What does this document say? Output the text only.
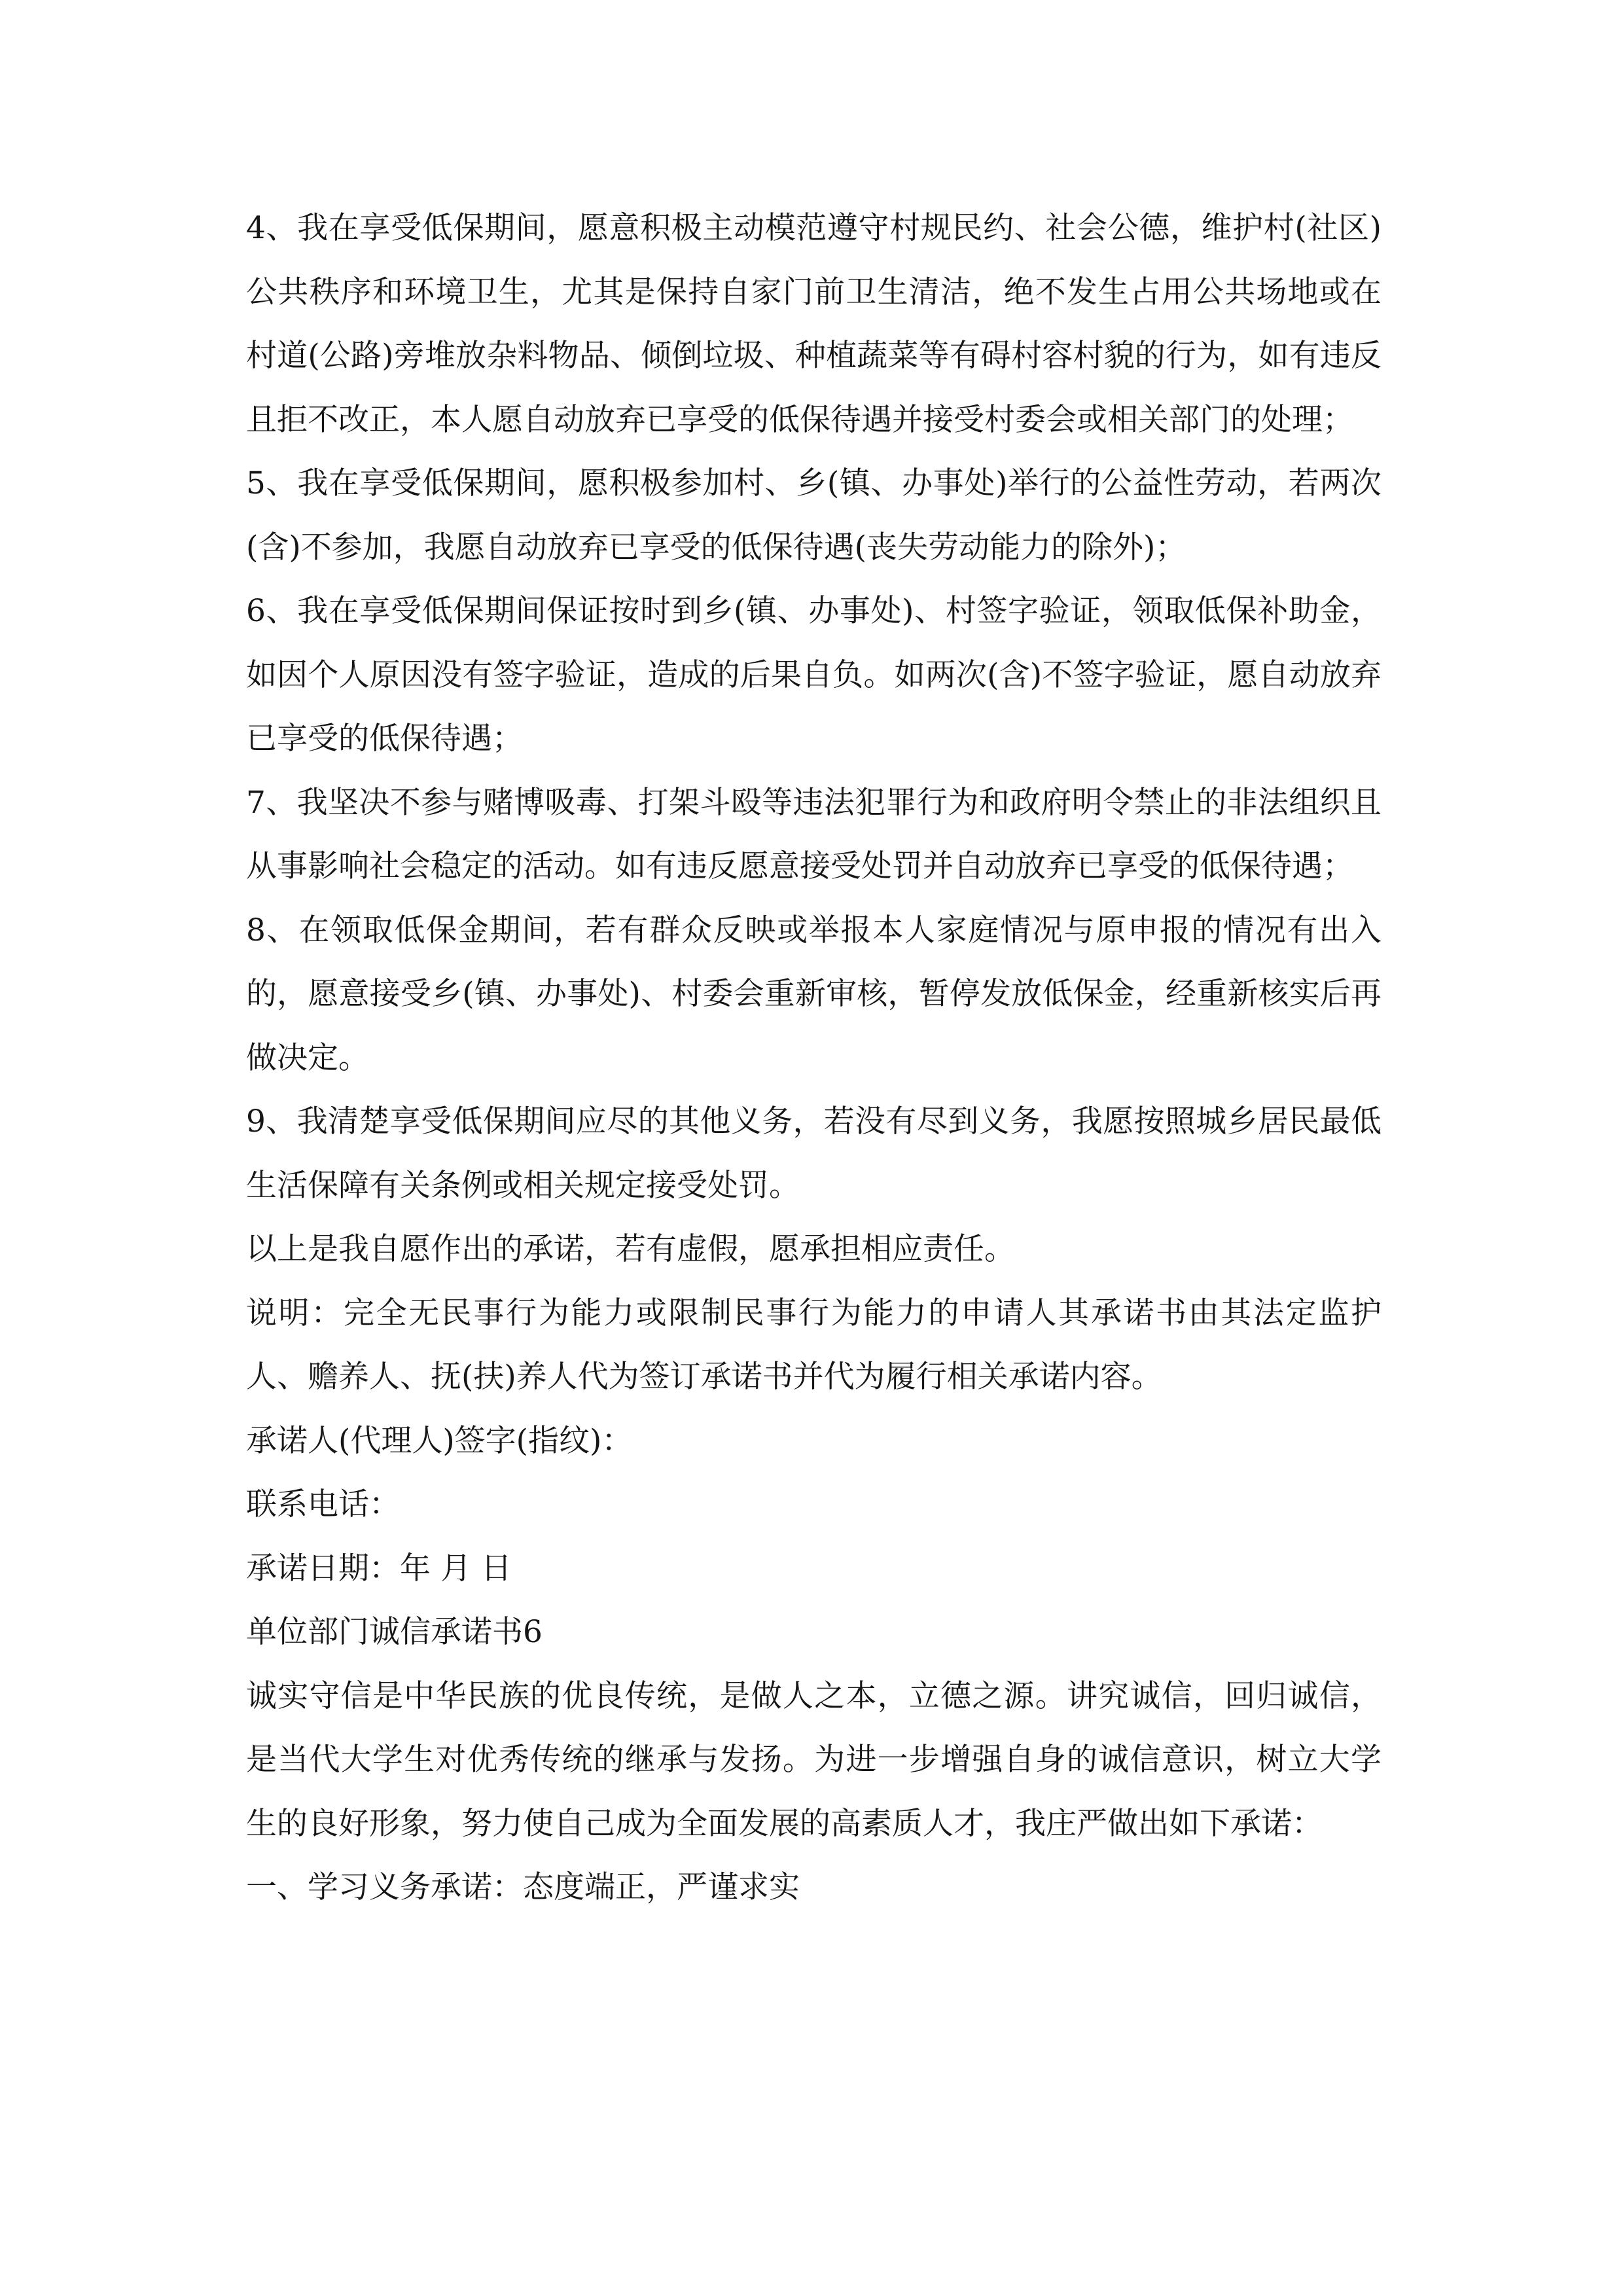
4、我在享受低保期间，愿意积极主动模范遵守村规民约、社会公德，维护村(社区)公共秩序和环境卫生，尤其是保持自家门前卫生清洁，绝不发生占用公共场地或在村道(公路)旁堆放杂料物品、倾倒垃圾、种植蔬菜等有碍村容村貌的行为，如有违反且拒不改正，本人愿自动放弃已享受的低保待遇并接受村委会或相关部门的处理；

5、我在享受低保期间，愿积极参加村、乡(镇、办事处)举行的公益性劳动，若两次(含)不参加，我愿自动放弃已享受的低保待遇(丧失劳动能力的除外)；

6、我在享受低保期间保证按时到乡(镇、办事处)、村签字验证，领取低保补助金，如因个人原因没有签字验证，造成的后果自负。如两次(含)不签字验证，愿自动放弃已享受的低保待遇；

7、我坚决不参与赌博吸毒、打架斗殴等违法犯罪行为和政府明令禁止的非法组织且从事影响社会稳定的活动。如有违反愿意接受处罚并自动放弃已享受的低保待遇；

8、在领取低保金期间，若有群众反映或举报本人家庭情况与原申报的情况有出入的，愿意接受乡(镇、办事处)、村委会重新审核，暂停发放低保金，经重新核实后再做决定。

9、我清楚享受低保期间应尽的其他义务，若没有尽到义务，我愿按照城乡居民最低生活保障有关条例或相关规定接受处罚。

以上是我自愿作出的承诺，若有虚假，愿承担相应责任。

说明：完全无民事行为能力或限制民事行为能力的申请人其承诺书由其法定监护人、赡养人、抚(扶)养人代为签订承诺书并代为履行相关承诺内容。

承诺人(代理人)签字(指纹)：

联系电话：

承诺日期：年 月 日

单位部门诚信承诺书6

诚实守信是中华民族的优良传统，是做人之本，立德之源。讲究诚信，回归诚信，是当代大学生对优秀传统的继承与发扬。为进一步增强自身的诚信意识，树立大学生的良好形象，努力使自己成为全面发展的高素质人才，我庄严做出如下承诺：

一、学习义务承诺：态度端正，严谨求实
